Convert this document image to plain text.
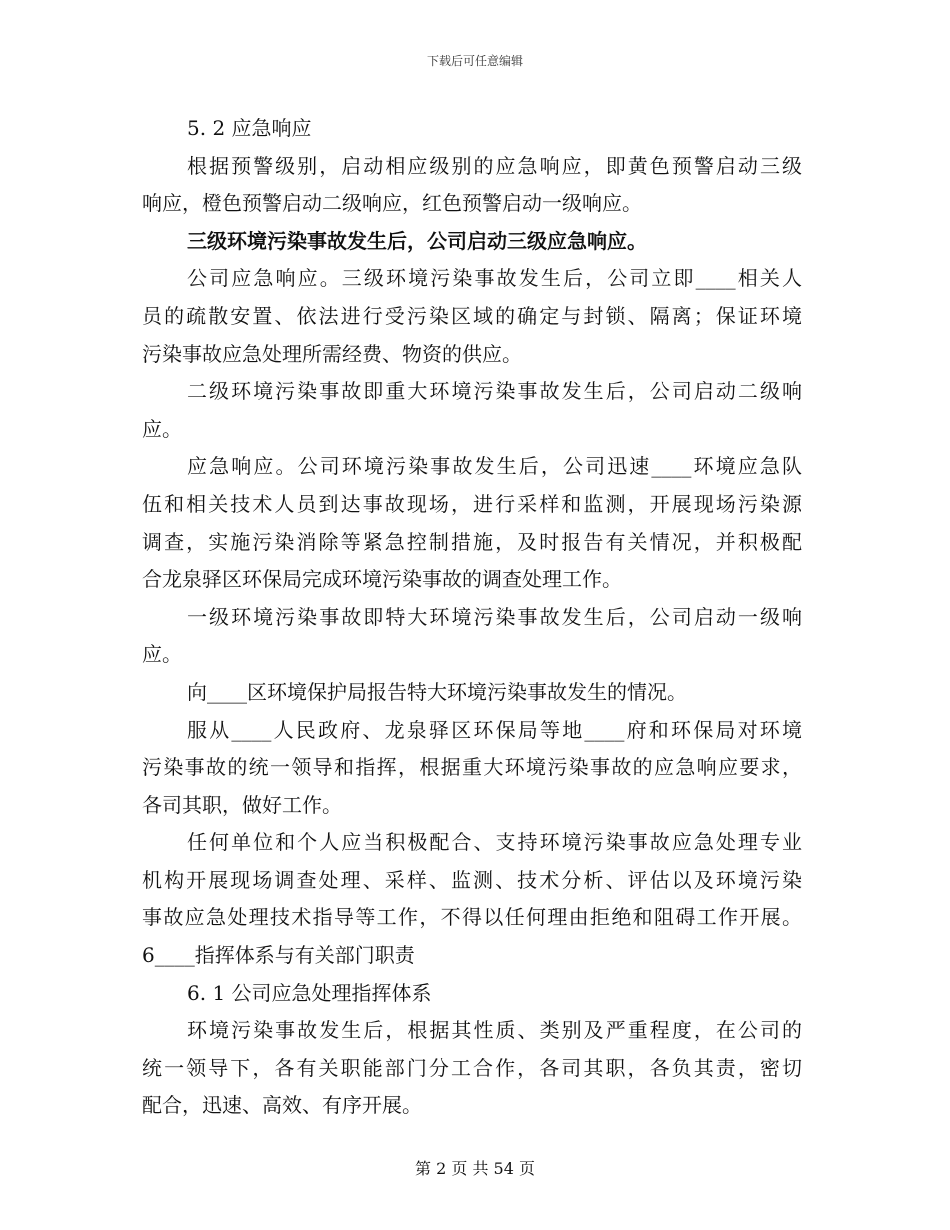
下载后可任意编辑
5. 2 应急响应
根据预警级别，启动相应级别的应急响应，即黄色预警启动三级
响应，橙色预警启动二级响应，红色预警启动一级响应。
三级环境污染事故发生后，公司启动三级应急响应。
公司应急响应。三级环境污染事故发生后，公司立即____相关人
员的疏散安置、依法进行受污染区域的确定与封锁、隔离；保证环境
污染事故应急处理所需经费、物资的供应。
二级环境污染事故即重大环境污染事故发生后，公司启动二级响
应。
应急响应。公司环境污染事故发生后，公司迅速____环境应急队
伍和相关技术人员到达事故现场，进行采样和监测，开展现场污染源
调查，实施污染消除等紧急控制措施，及时报告有关情况，并积极配
合龙泉驿区环保局完成环境污染事故的调查处理工作。
一级环境污染事故即特大环境污染事故发生后，公司启动一级响
应。
向____区环境保护局报告特大环境污染事故发生的情况。
服从____人民政府、龙泉驿区环保局等地____府和环保局对环境
污染事故的统一领导和指挥，根据重大环境污染事故的应急响应要求，
各司其职，做好工作。
任何单位和个人应当积极配合、支持环境污染事故应急处理专业
机构开展现场调查处理、采样、监测、技术分析、评估以及环境污染
事故应急处理技术指导等工作，不得以任何理由拒绝和阻碍工作开展。
6____指挥体系与有关部门职责
6. 1 公司应急处理指挥体系
环境污染事故发生后，根据其性质、类别及严重程度，在公司的
统一领导下，各有关职能部门分工合作，各司其职，各负其责，密切
配合，迅速、高效、有序开展。
第 2 页 共 54 页
